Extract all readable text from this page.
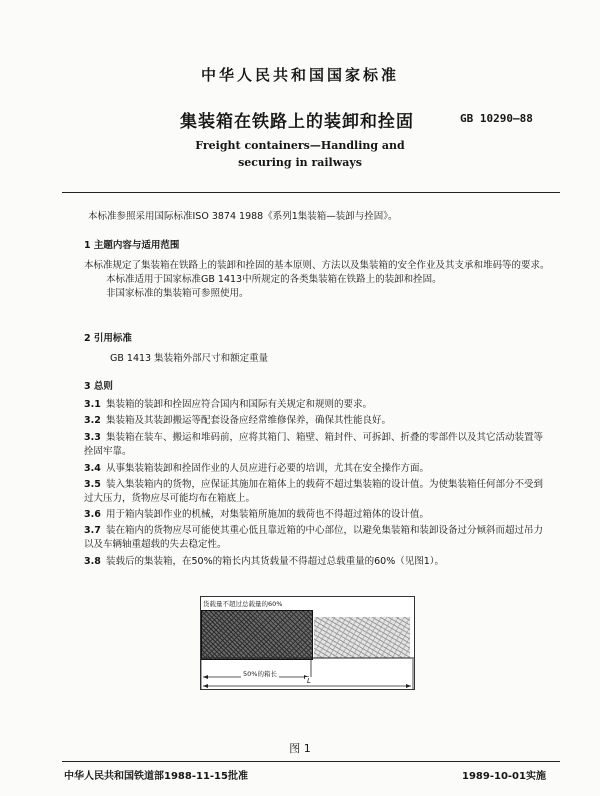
中华人民共和国国家标准
集装箱在铁路上的装卸和拴固	GB 10290—88
Freight containers—Handling and
securing in railways
本标准参照采用国际标准ISO 3874 1988《系列1集装箱—装卸与拴固》。
1 主题内容与适用范围
本标准规定了集装箱在铁路上的装卸和拴固的基本原则、方法以及集装箱的安全作业及其支承和堆码等的要求。
本标准适用于国家标准GB 1413中所规定的各类集装箱在铁路上的装卸和拴固。
非国家标准的集装箱可参照使用。
2 引用标准
GB 1413 集装箱外部尺寸和额定重量
3 总则
3.1 集装箱的装卸和拴固应符合国内和国际有关规定和规则的要求。
3.2 集装箱及其装卸搬运等配套设备应经常维修保养，确保其性能良好。
3.3 集装箱在装车、搬运和堆码前，应将其箱门、箱壁、箱封件、可拆卸、折叠的零部件以及其它活动装置等拴固牢靠。
3.4 从事集装箱装卸和拴固作业的人员应进行必要的培训，尤其在安全操作方面。
3.5 装入集装箱内的货物，应保证其施加在箱体上的载荷不超过集装箱的设计值。为使集装箱任何部分不受到过大压力，货物应尽可能均布在箱底上。
3.6 用于箱内装卸作业的机械，对集装箱所施加的载荷也不得超过箱体的设计值。
3.7 装在箱内的货物应尽可能使其重心低且靠近箱的中心部位，以避免集装箱和装卸设备过分倾斜而超过吊力以及车辆轴重超载的失去稳定性。
3.8 装载后的集装箱，在50%的箱长内其货载量不得超过总载重量的60%（见图1）。
货载量不超过总载量的60%
50%的箱长
L
图 1
中华人民共和国铁道部1988-11-15批准	1989-10-01实施
